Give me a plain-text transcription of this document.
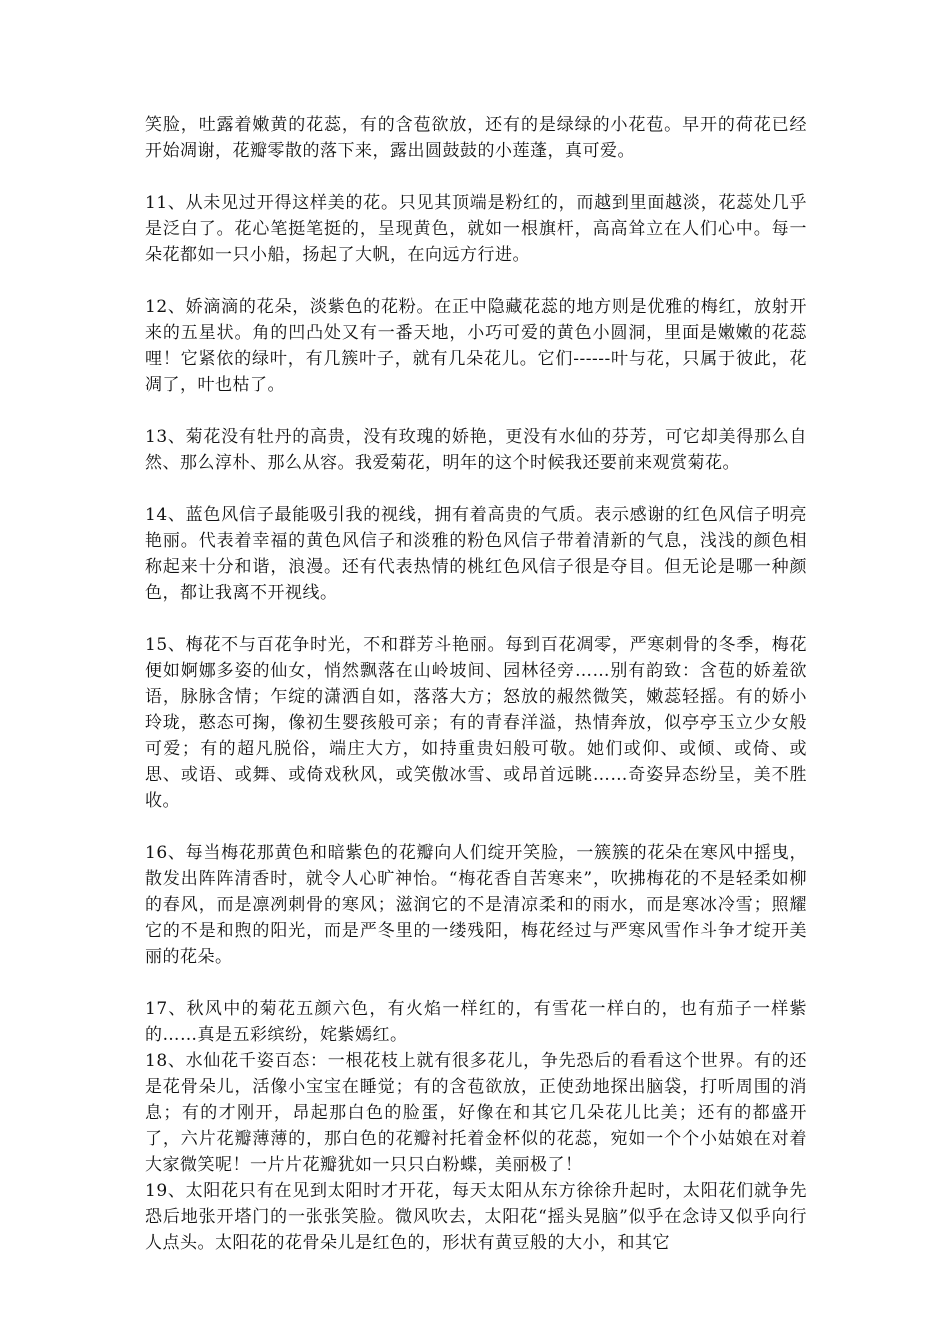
笑脸，吐露着嫩黄的花蕊，有的含苞欲放，还有的是绿绿的小花苞。早开的荷花已经开始凋谢，花瓣零散的落下来，露出圆鼓鼓的小莲蓬，真可爱。

11、从未见过开得这样美的花。只见其顶端是粉红的，而越到里面越淡，花蕊处几乎是泛白了。花心笔挺笔挺的，呈现黄色，就如一根旗杆，高高耸立在人们心中。每一朵花都如一只小船，扬起了大帆，在向远方行进。

12、娇滴滴的花朵，淡紫色的花粉。在正中隐藏花蕊的地方则是优雅的梅红，放射开来的五星状。角的凹凸处又有一番天地，小巧可爱的黄色小圆洞，里面是嫩嫩的花蕊哩！它紧依的绿叶，有几簇叶子，就有几朵花儿。它们------叶与花，只属于彼此，花凋了，叶也枯了。

13、菊花没有牡丹的高贵，没有玫瑰的娇艳，更没有水仙的芬芳，可它却美得那么自然、那么淳朴、那么从容。我爱菊花，明年的这个时候我还要前来观赏菊花。

14、蓝色风信子最能吸引我的视线，拥有着高贵的气质。表示感谢的红色风信子明亮艳丽。代表着幸福的黄色风信子和淡雅的粉色风信子带着清新的气息，浅浅的颜色相称起来十分和谐，浪漫。还有代表热情的桃红色风信子很是夺目。但无论是哪一种颜色，都让我离不开视线。

15、梅花不与百花争时光，不和群芳斗艳丽。每到百花凋零，严寒刺骨的冬季，梅花便如婀娜多姿的仙女，悄然飘落在山岭坡间、园林径旁……别有韵致：含苞的娇羞欲语，脉脉含情；乍绽的潇洒自如，落落大方；怒放的赧然微笑，嫩蕊轻摇。有的娇小玲珑，憨态可掬，像初生婴孩般可亲；有的青春洋溢，热情奔放，似亭亭玉立少女般可爱；有的超凡脱俗，端庄大方，如持重贵妇般可敬。她们或仰、或倾、或倚、或思、或语、或舞、或倚戏秋风，或笑傲冰雪、或昂首远眺……奇姿异态纷呈，美不胜收。

16、每当梅花那黄色和暗紫色的花瓣向人们绽开笑脸，一簇簇的花朵在寒风中摇曳，散发出阵阵清香时，就令人心旷神怡。“梅花香自苦寒来”，吹拂梅花的不是轻柔如柳的春风，而是凛冽刺骨的寒风；滋润它的不是清凉柔和的雨水，而是寒冰冷雪；照耀它的不是和煦的阳光，而是严冬里的一缕残阳，梅花经过与严寒风雪作斗争才绽开美丽的花朵。

17、秋风中的菊花五颜六色，有火焰一样红的，有雪花一样白的，也有茄子一样紫的……真是五彩缤纷，姹紫嫣红。

18、水仙花千姿百态：一根花枝上就有很多花儿，争先恐后的看看这个世界。有的还是花骨朵儿，活像小宝宝在睡觉；有的含苞欲放，正使劲地探出脑袋，打听周围的消息；有的才刚开，昂起那白色的脸蛋，好像在和其它几朵花儿比美；还有的都盛开了，六片花瓣薄薄的，那白色的花瓣衬托着金杯似的花蕊，宛如一个个小姑娘在对着大家微笑呢！一片片花瓣犹如一只只白粉蝶，美丽极了！

19、太阳花只有在见到太阳时才开花，每天太阳从东方徐徐升起时，太阳花们就争先恐后地张开塔门的一张张笑脸。微风吹去，太阳花“摇头晃脑”似乎在念诗又似乎向行人点头。太阳花的花骨朵儿是红色的，形状有黄豆般的大小，和其它
